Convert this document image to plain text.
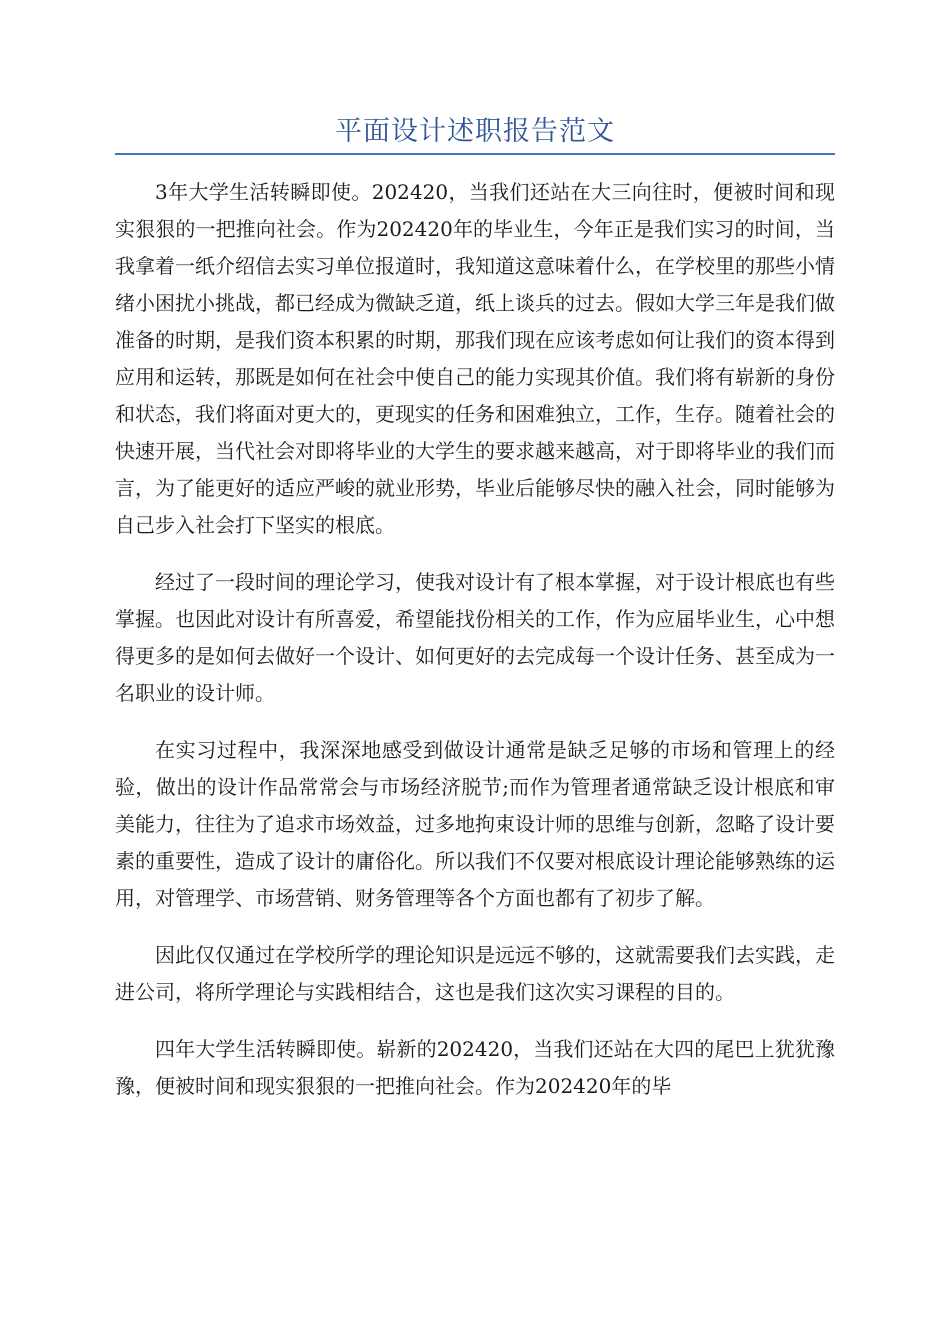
平面设计述职报告范文

3年大学生活转瞬即使。202420，当我们还站在大三向往时，便被时间和现实狠狠的一把推向社会。作为202420年的毕业生，今年正是我们实习的时间，当我拿着一纸介绍信去实习单位报道时，我知道这意味着什么，在学校里的那些小情绪小困扰小挑战，都已经成为微缺乏道，纸上谈兵的过去。假如大学三年是我们做准备的时期，是我们资本积累的时期，那我们现在应该考虑如何让我们的资本得到应用和运转，那既是如何在社会中使自己的能力实现其价值。我们将有崭新的身份和状态，我们将面对更大的，更现实的任务和困难独立，工作，生存。随着社会的快速开展，当代社会对即将毕业的大学生的要求越来越高，对于即将毕业的我们而言，为了能更好的适应严峻的就业形势，毕业后能够尽快的融入社会，同时能够为自己步入社会打下坚实的根底。

经过了一段时间的理论学习，使我对设计有了根本掌握，对于设计根底也有些掌握。也因此对设计有所喜爱，希望能找份相关的工作，作为应届毕业生，心中想得更多的是如何去做好一个设计、如何更好的去完成每一个设计任务、甚至成为一名职业的设计师。

在实习过程中，我深深地感受到做设计通常是缺乏足够的市场和管理上的经验，做出的设计作品常常会与市场经济脱节;而作为管理者通常缺乏设计根底和审美能力，往往为了追求市场效益，过多地拘束设计师的思维与创新，忽略了设计要素的重要性，造成了设计的庸俗化。所以我们不仅要对根底设计理论能够熟练的运用，对管理学、市场营销、财务管理等各个方面也都有了初步了解。

因此仅仅通过在学校所学的理论知识是远远不够的，这就需要我们去实践，走进公司，将所学理论与实践相结合，这也是我们这次实习课程的目的。

四年大学生活转瞬即使。崭新的202420，当我们还站在大四的尾巴上犹犹豫豫，便被时间和现实狠狠的一把推向社会。作为202420年的毕
